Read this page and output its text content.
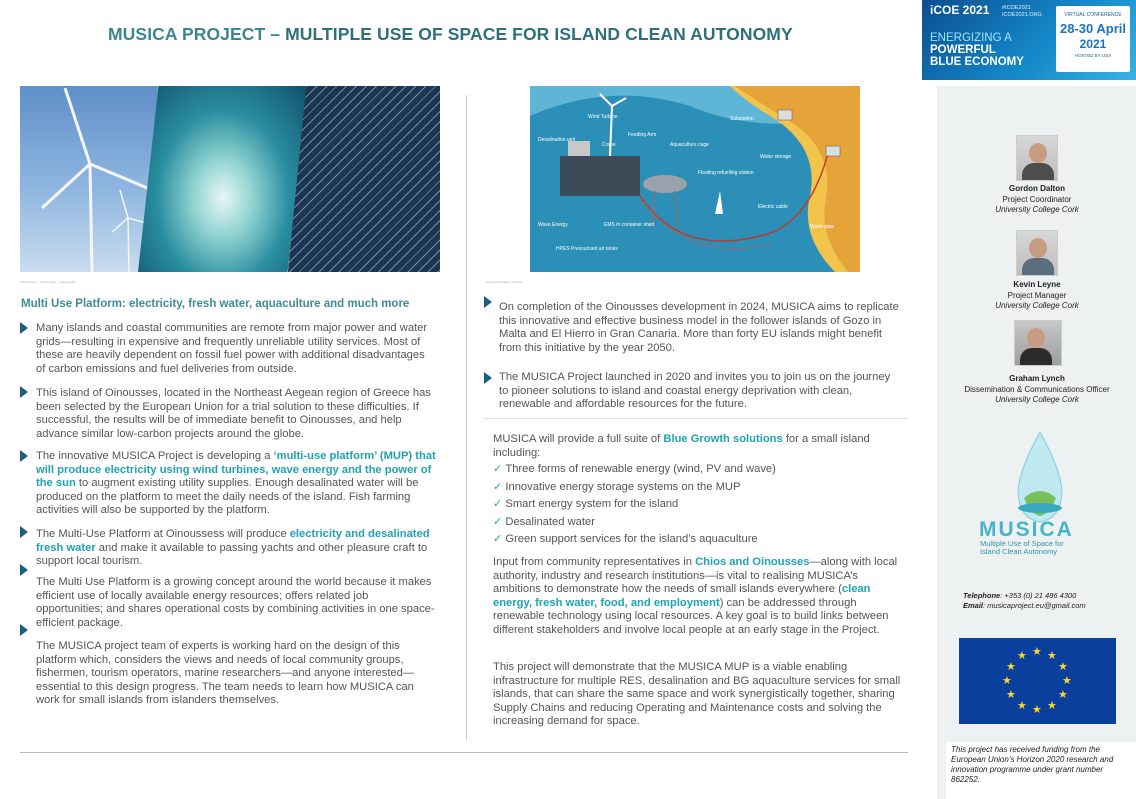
MUSICA PROJECT – MULTIPLE USE OF SPACE FOR ISLAND CLEAN AUTONOMY
Wind turbine · Ocean wave · Solar panels
Wind Turbine
Desalination unit
Crane
Feeding Arm
Aquaculture cage
Substation
Water storage
Floating refuelling station
Electric cable
Water pipe
Wave Energy	EMS in container shed
HPES Pressurised air tanks
Multi-Use Platform diagram
Multi Use Platform: electricity, fresh water, aquaculture and much more
Many islands and coastal communities are remote from major power and water grids—resulting in expensive and frequently unreliable utility services. Most of these are heavily dependent on fossil fuel power with additional disadvantages of carbon emissions and fuel deliveries from outside.
This island of Oinousses, located in the Northeast Aegean region of Greece has been selected by the European Union for a trial solution to these difficulties. If successful, the results will be of immediate benefit to Oinousses, and help advance similar low-carbon projects around the globe.
The innovative MUSICA Project is developing a ‘multi-use platform’ (MUP) that will produce electricity using wind turbines, wave energy and the power of the sun to augment existing utility supplies. Enough desalinated water will be produced on the platform to meet the daily needs of the island. Fish farming activities will also be supported by the platform.
The Multi-Use Platform at Oinoussess will produce electricity and desalinated fresh water and make it available to passing yachts and other pleasure craft to support local tourism.
The Multi Use Platform is a growing concept around the world because it makes efficient use of locally available energy resources; offers related job opportunities; and shares operational costs by combining activities in one space-efficient package.
The MUSICA project team of experts is working hard on the design of this platform which, considers the views and needs of local community groups, fishermen, tourism operators, marine researchers—and anyone interested—essential to this design progress. The team needs to learn how MUSICA can work for small islands from islanders themselves.
On completion of the Oinousses development in 2024, MUSICA aims to replicate this innovative and effective business model in the follower islands of Gozo in Malta and El Hierro in Gran Canaria. More than forty EU islands might benefit from this initiative by the year 2050.
The MUSICA Project launched in 2020 and invites you to join us on the journey to pioneer solutions to island and coastal energy deprivation with clean, renewable and affordable resources for the future.
MUSICA will provide a full suite of Blue Growth solutions for a small island including:
✓ Three forms of renewable energy (wind, PV and wave)
✓ Innovative energy storage systems on the MUP
✓ Smart energy system for the island
✓ Desalinated water
✓ Green support services for the island’s aquaculture
Input from community representatives in Chios and Oinousses—along with local authority, industry and research institutions—is vital to realising MUSICA’s ambitions to demonstrate how the needs of small islands everywhere (clean energy, fresh water, food, and employment) can be addressed through renewable technology using local resources. A key goal is to build links between different stakeholders and involve local people at an early stage in the Project.
This project will demonstrate that the MUSICA MUP is a viable enabling infrastructure for multiple RES, desalination and BG aquaculture services for small islands, that can share the same space and work synergistically together, sharing Supply Chains and reducing Operating and Maintenance costs and solving the increasing demand for space.
iCOE 2021 #ICOE2021
ICOE2021.ORG
ENERGIZING A
POWERFUL
BLUE ECONOMY
VIRTUAL CONFERENCE
28-30 April
2021
HOSTED BY USA
Gordon Dalton
Project Coordinator
University College Cork
Kevin Leyne
Project Manager
University College Cork
Graham Lynch
Dissemination & Communications Officer
University College Cork
MUSICA
Multiple Use of Space for
Island Clean Autonomy
Telephone: +353 (0) 21 486 4300
Email: musicaproject.eu@gmail.com
★ ★
★
★
★
★
★
★
★
★
★
★
This project has received funding from the European Union’s Horizon 2020 research and innovation programme under grant number 862252.
